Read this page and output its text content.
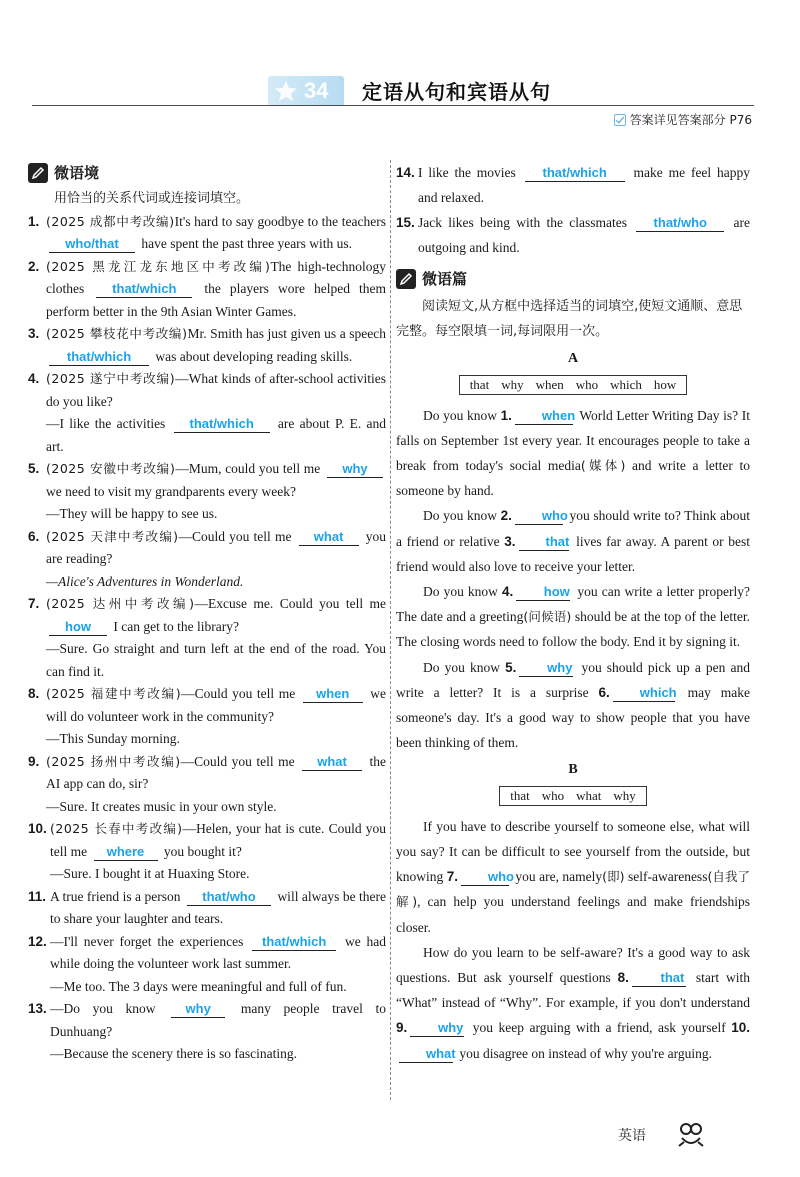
34 定语从句和宾语从句
答案详见答案部分 P76
微语境
用恰当的关系代词或连接词填空。
1. (2025 成都中考改编)It's hard to say goodbye to the teachers who/that have spent the past three years with us.
2. (2025 黑龙江龙东地区中考改编)The high-technology clothes that/which the players wore helped them perform better in the 9th Asian Winter Games.
3. (2025 攀枝花中考改编)Mr. Smith has just given us a speech that/which was about developing reading skills.
4. (2025 遂宁中考改编)—What kinds of after-school activities do you like?
—I like the activities that/which are about P. E. and art.
5. (2025 安徽中考改编)—Mum, could you tell me why we need to visit my grandparents every week?
—They will be happy to see us.
6. (2025 天津中考改编)—Could you tell me what you are reading?
—Alice's Adventures in Wonderland.
7. (2025 达州中考改编)—Excuse me. Could you tell me how I can get to the library?
—Sure. Go straight and turn left at the end of the road. You can find it.
8. (2025 福建中考改编)—Could you tell me when we will do volunteer work in the community?
—This Sunday morning.
9. (2025 扬州中考改编)—Could you tell me what the AI app can do, sir?
—Sure. It creates music in your own style.
10. (2025 长春中考改编)—Helen, your hat is cute. Could you tell me where you bought it?
—Sure. I bought it at Huaxing Store.
11. A true friend is a person that/who will always be there to share your laughter and tears.
12. —I'll never forget the experiences that/which we had while doing the volunteer work last summer.
—Me too. The 3 days were meaningful and full of fun.
13. —Do you know why many people travel to Dunhuang?
—Because the scenery there is so fascinating.
14. I like the movies that/which make me feel happy and relaxed.
15. Jack likes being with the classmates that/who are outgoing and kind.
微语篇
阅读短文,从方框中选择适当的词填空,使短文通顺、意思完整。每空限填一词,每词限用一次。
A
that why when who which how
Do you know 1. when World Letter Writing Day is? It falls on September 1st every year. It encourages people to take a break from today's social media(媒体) and write a letter to someone by hand.
Do you know 2. who you should write to? Think about a friend or relative 3. that lives far away. A parent or best friend would also love to receive your letter.
Do you know 4. how you can write a letter properly? The date and a greeting(问候语) should be at the top of the letter. The closing words need to follow the body. End it by signing it.
Do you know 5. why you should pick up a pen and write a letter? It is a surprise 6. which may make someone's day. It's a good way to show people that you have been thinking of them.
B
that who what why
If you have to describe yourself to someone else, what will you say? It can be difficult to see yourself from the outside, but knowing 7. who you are, namely(即) self-awareness(自我了解), can help you understand feelings and make friendships closer.
How do you learn to be self-aware? It's a good way to ask questions. But ask yourself questions 8. that start with “What” instead of “Why”. For example, if you don't understand 9. why you keep arguing with a friend, ask yourself 10.what you disagree on instead of why you're arguing.
英语
